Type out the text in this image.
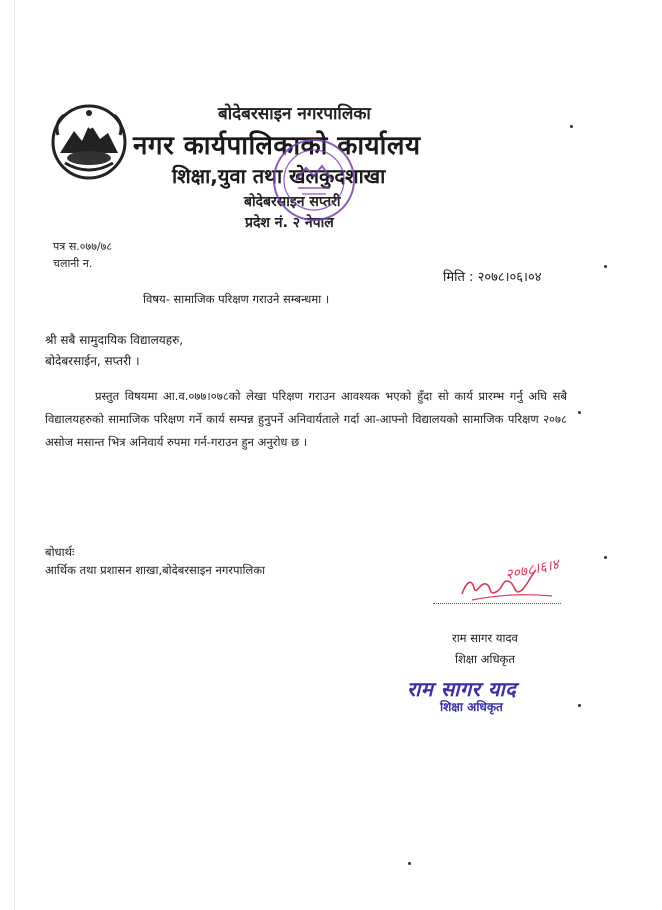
बोदेबरसाइन नगरपालिका
नगर कार्यपालिकाको कार्यालय
शिक्षा,युवा तथा खेलकुदशाखा
बोदेबरसाइन सप्तरी
प्रदेश नं. २ नेपाल
पत्र स.०७७/७८
चलानी न.
मिति : २०७८।०६।०४
विषय- सामाजिक परिक्षण गराउने सम्बन्धमा ।
श्री सबै सामुदायिक विद्यालयहरु,
बोदेबरसाईन, सप्तरी ।
प्रस्तुत विषयमा आ.व.०७७।०७८को लेखा परिक्षण गराउन आवश्यक भएको हुँदा सो कार्य प्रारम्भ गर्नु अघि सबै विद्यालयहरुको सामाजिक परिक्षण गर्ने कार्य सम्पन्न हुनुपर्ने अनिवार्यताले गर्दा आ-आफ्नो विद्यालयको सामाजिक परिक्षण २०७८ असोज मसान्त भित्र अनिवार्य रुपमा गर्न-गराउन हुन अनुरोध छ ।
बोधार्थः
आर्थिक तथा प्रशासन शाखा,बोदेबरसाइन नगरपालिका	२०७८।६।४
राम सागर यादव
शिक्षा अधिकृत
राम सागर याद
शिक्षा अधिकृत
